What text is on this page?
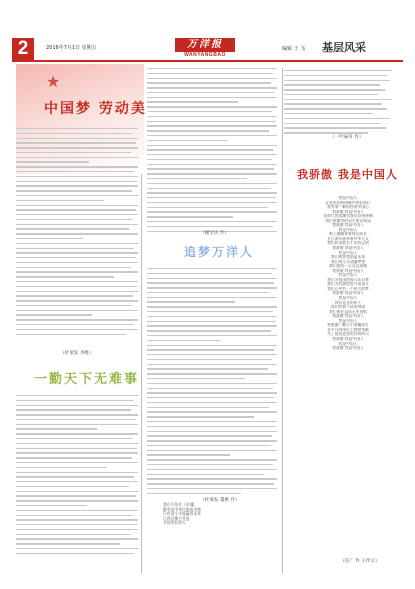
2	2016年7月1日 星期五	万洋报
WANYANGBAO
编辑 王 飞 基层风采
★
中国梦 劳动美
（杜承发 李维）
一勤天下无难事
（谢宝庆 作）
追梦万洋人
（杜承发 董惠 作）
我们不怕苦 不怕累
勤劳是中华民族的美德
只有奋斗才能赢得未来
让我们携手并进
共创美好明天
（一叶扁舟 作）
我骄傲 我是中国人
我是中国人
在党的光辉照耀中我们前行
我有着一颗炽热的中国心
我骄傲 我是中国人
在时代的浪潮里我们奋勇拼搏
我们用勤劳的双手建设家园
我骄傲 我是中国人
我是中国人
黄土地哺育着我们成长
长江黄河滋养着中华儿女
我们传承着五千年的文明
我骄傲 我是中国人
我是中国人
我们用智慧创造未来
我们用汗水浇灌梦想
我们团结一心众志成城
我骄傲 我是中国人
我是中国人
我们为祖国的强大而自豪
我们为民族的复兴而奋斗
我们心中有一个伟大的梦
我骄傲 我是中国人
我是中国人
我们是龙的传人
我们有着不屈的脊梁
我们勇往直前无所畏惧
我骄傲 我是中国人
我是中国人
我愿做一颗小小的螺丝钉
在平凡的岗位上默默奉献
为了祖国更加美好的明天
我骄傲 我是中国人
我是中国人
我骄傲 我是中国人
（任广 作 王作宗）
